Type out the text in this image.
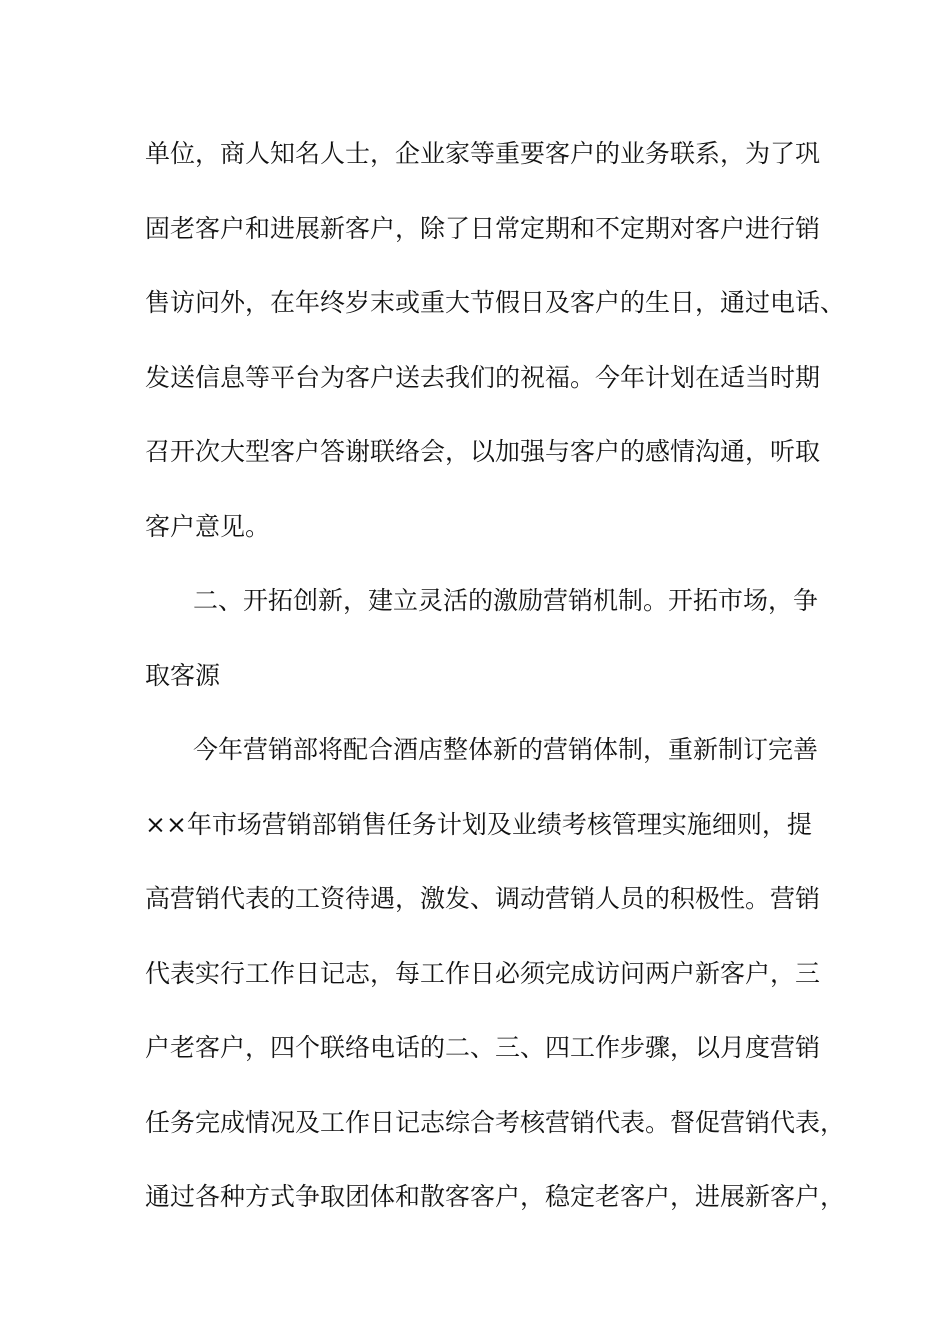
单位，商人知名人士，企业家等重要客户的业务联系，为了巩
固老客户和进展新客户，除了日常定期和不定期对客户进行销
售访问外，在年终岁末或重大节假日及客户的生日，通过电话、
发送信息等平台为客户送去我们的祝福。今年计划在适当时期
召开次大型客户答谢联络会，以加强与客户的感情沟通，听取
客户意见。
二、开拓创新，建立灵活的激励营销机制。开拓市场，争
取客源
今年营销部将配合酒店整体新的营销体制，重新制订完善
××年市场营销部销售任务计划及业绩考核管理实施细则，提
高营销代表的工资待遇，激发、调动营销人员的积极性。营销
代表实行工作日记志，每工作日必须完成访问两户新客户，三
户老客户，四个联络电话的二、三、四工作步骤，以月度营销
任务完成情况及工作日记志综合考核营销代表。督促营销代表，
通过各种方式争取团体和散客客户，稳定老客户，进展新客户，
